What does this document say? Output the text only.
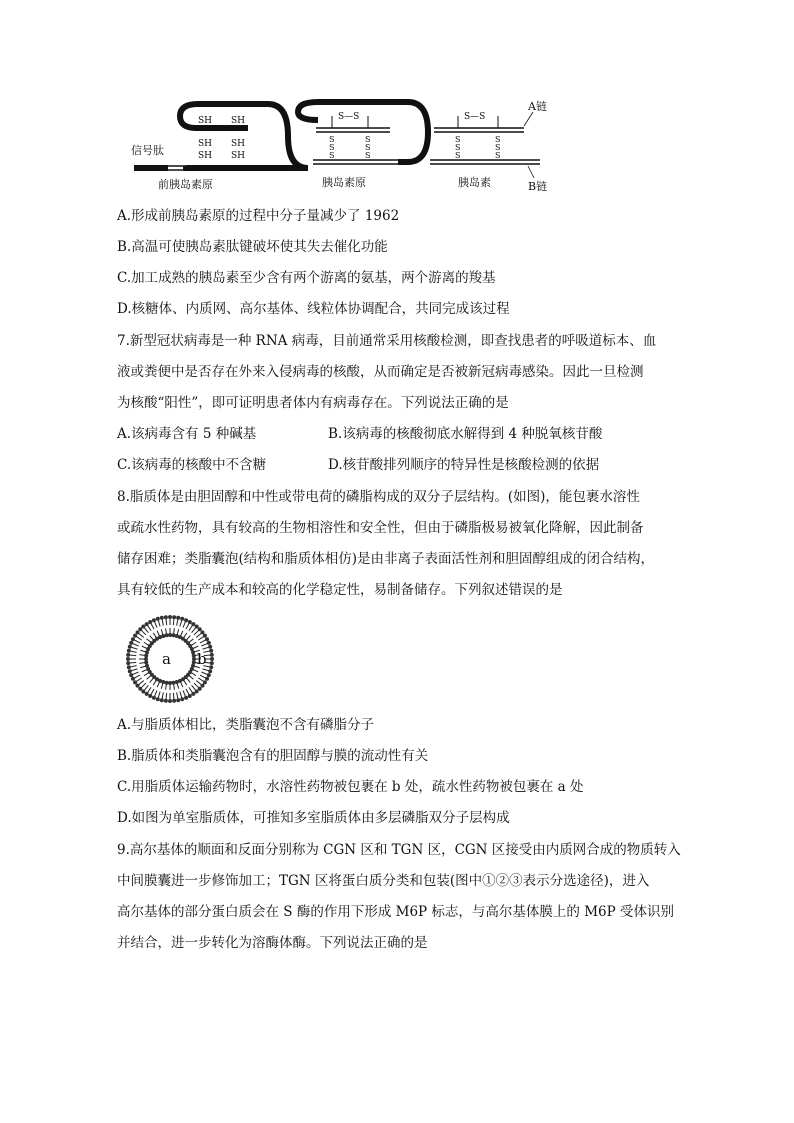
SH SH
SH SH
SH SH
信号肽
前胰岛素原
S—S
S
S
S
S
S
S
胰岛素原
S—S
S
S
S
S
S
S
A链
B链
胰岛素
A.形成前胰岛素原的过程中分子量减少了 1962
B.高温可使胰岛素肽键破坏使其失去催化功能
C.加工成熟的胰岛素至少含有两个游离的氨基，两个游离的羧基
D.核糖体、内质网、高尔基体、线粒体协调配合，共同完成该过程
7.新型冠状病毒是一种 RNA 病毒，目前通常采用核酸检测，即查找患者的呼吸道标本、血
液或粪便中是否存在外来入侵病毒的核酸，从而确定是否被新冠病毒感染。因此一旦检测
为核酸“阳性”，即可证明患者体内有病毒存在。下列说法正确的是
A.该病毒含有 5 种碱基	B.该病毒的核酸彻底水解得到 4 种脱氧核苷酸
C.该病毒的核酸中不含糖	D.核苷酸排列顺序的特异性是核酸检测的依据
8.脂质体是由胆固醇和中性或带电荷的磷脂构成的双分子层结构。(如图)，能包裹水溶性
或疏水性药物，具有较高的生物相溶性和安全性，但由于磷脂极易被氧化降解，因此制备
储存困难；类脂囊泡(结构和脂质体相仿)是由非离子表面活性剂和胆固醇组成的闭合结构，
具有较低的生产成本和较高的化学稳定性，易制备储存。下列叙述错误的是
a b
A.与脂质体相比，类脂囊泡不含有磷脂分子
B.脂质体和类脂囊泡含有的胆固醇与膜的流动性有关
C.用脂质体运输药物时，水溶性药物被包裹在 b 处，疏水性药物被包裹在 a 处
D.如图为单室脂质体，可推知多室脂质体由多层磷脂双分子层构成
9.高尔基体的顺面和反面分别称为 CGN 区和 TGN 区，CGN 区接受由内质网合成的物质转入
中间膜囊进一步修饰加工；TGN 区将蛋白质分类和包装(图中①②③表示分选途径)，进入
高尔基体的部分蛋白质会在 S 酶的作用下形成 M6P 标志，与高尔基体膜上的 M6P 受体识别
并结合，进一步转化为溶酶体酶。下列说法正确的是
